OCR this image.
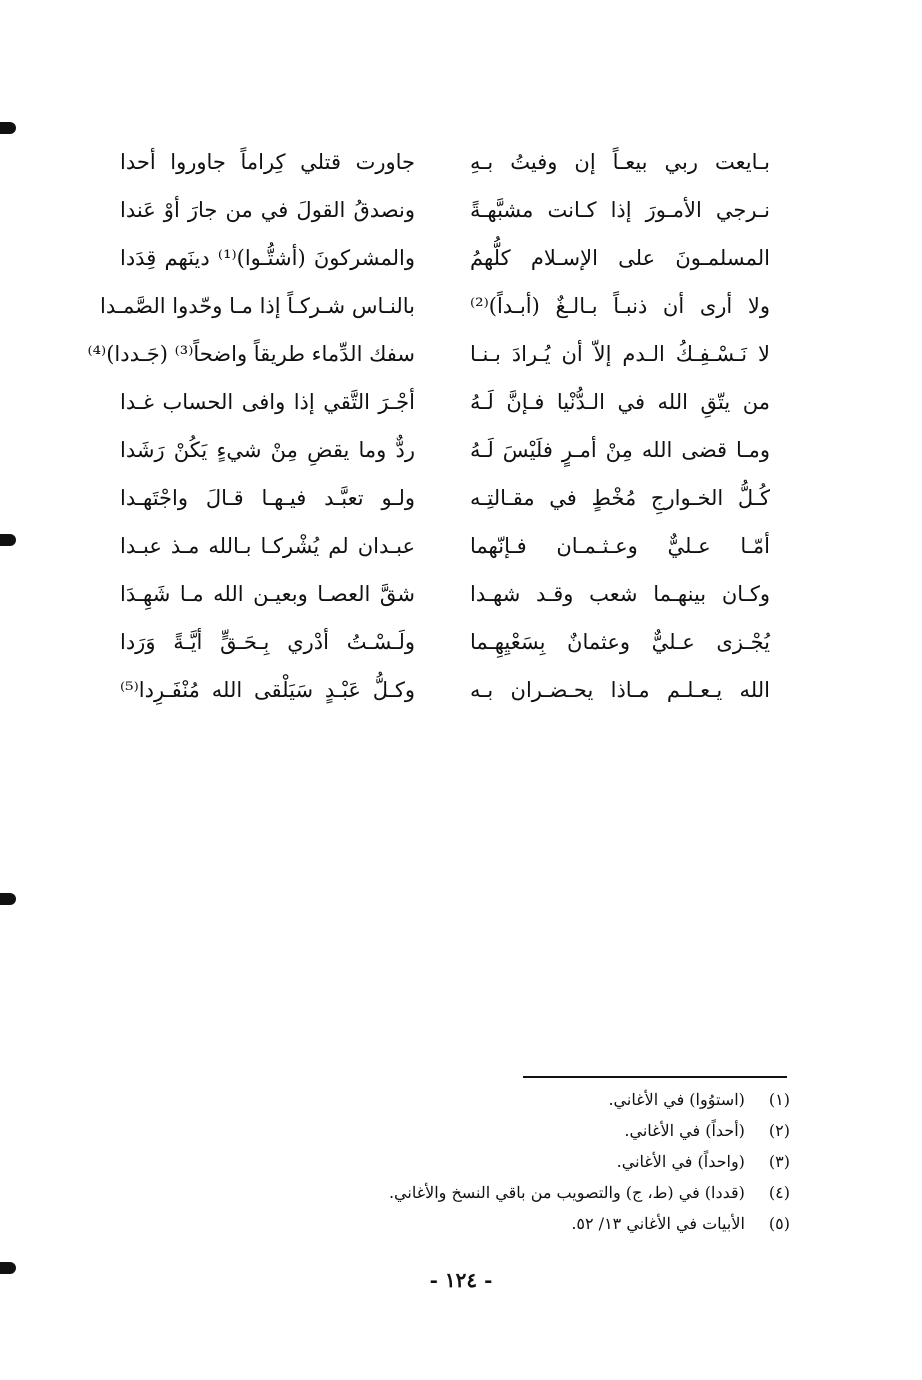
بـايعت ربي بيعـاً إن وفيتُ بـهِ
جاورت قتلي كِراماً جاوروا أحدا
نـرجي الأمـورَ إذا كـانت مشبَّهـةً
ونصدقُ القولَ في من جارَ أوْ عَندا
المسلمـونَ على الإسـلام كلُّهمُ
والمشركونَ (أشتُّـوا)⁽¹⁾ دينَهم قِدَدا
ولا أرى أن ذنبـاً بـالـغٌ (أبـداً)⁽²⁾
بالنـاس شـركـاً إذا مـا وحّدوا الصَّمـدا
لا نَـسْـفِـكُ الـدم إلاّ أن يُـرادَ بـنـا
سفك الدِّماء طريقاً واضحاً⁽³⁾ (جَـددا)⁽⁴⁾
من يتّقِ الله في الـدُّنْيا فـإنَّ لَـهُ
أجْـرَ التَّقي إذا وافى الحساب غـدا
ومـا قضى الله مِنْ أمـرٍ فلَيْسَ لَـهُ
ردٌّ وما يقضِ مِنْ شيءٍ يَكُنْ رَشَدا
كُـلُّ الخـوارجِ مُخْطٍ في مقـالتِـه
ولـو تعبَّـد فيـهـا قـالَ واجْتَهـدا
أمّـا عـليٌّ وعـثـمـان فـإنّهما
عبـدان لم يُشْركـا بـالله مـذ عبـدا
وكـان بينهـما شعب وقـد شهـدا
شقَّ العصـا وبعيـن الله مـا شَهِـدَا
يُجْـزى عـليٌّ وعثمانٌ بِسَعْيِهِـما
ولَـسْـتُ أدْري بِـحَـقٍّ أيَّـةً وَرَدا
الله يـعـلـم مـاذا يحـضـران بـه
وكـلُّ عَبْـدٍ سَيَلْقى الله مُنْفَـرِدا⁽⁵⁾
(١) (استوُوا) في الأغاني.
(٢) (أحداً) في الأغاني.
(٣) (واحداً) في الأغاني.
(٤) (قددا) في (ط، ج) والتصويب من باقي النسخ والأغاني.
(٥) الأبيات في الأغاني ١٣/ ٥٢.
- ١٢٤ -
